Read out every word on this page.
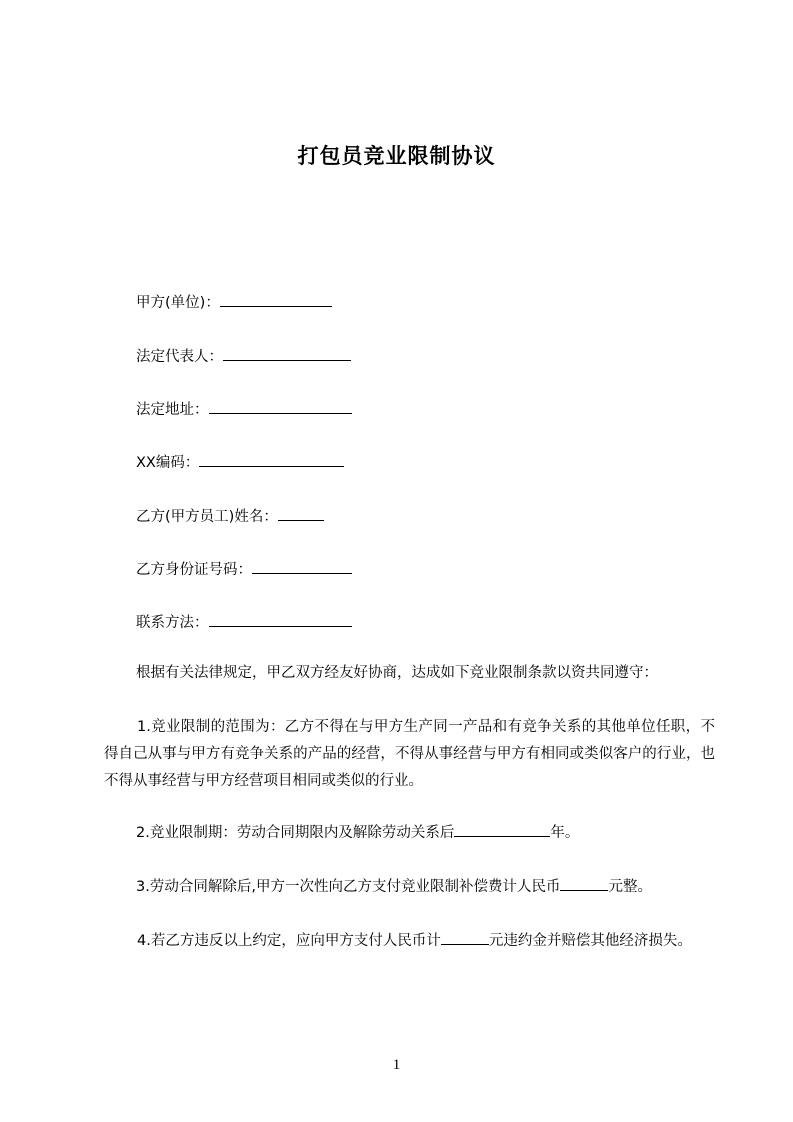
打包员竞业限制协议
甲方(单位)：
法定代表人：
法定地址：
XX编码：
乙方(甲方员工)姓名：
乙方身份证号码：
联系方法：
根据有关法律规定，甲乙双方经友好协商，达成如下竞业限制条款以资共同遵守：
1.竞业限制的范围为：乙方不得在与甲方生产同一产品和有竞争关系的其他单位任职，不得自己从事与甲方有竞争关系的产品的经营，不得从事经营与甲方有相同或类似客户的行业，也不得从事经营与甲方经营项目相同或类似的行业。
2.竞业限制期：劳动合同期限内及解除劳动关系后	年。
3.劳动合同解除后,甲方一次性向乙方支付竞业限制补偿费计人民币	元整。
4.若乙方违反以上约定，应向甲方支付人民币计	元违约金并赔偿其他经济损失。
1
